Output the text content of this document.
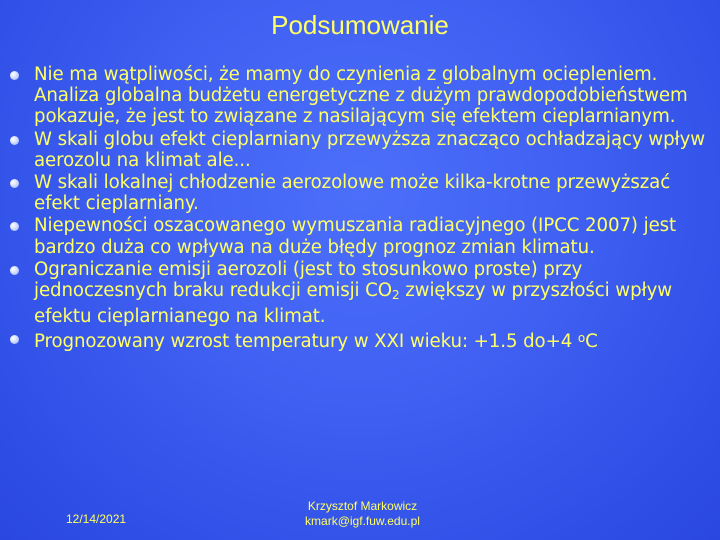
Podsumowanie
Nie ma wątpliwości, że mamy do czynienia z globalnym ociepleniem. Analiza globalna budżetu energetyczne z dużym prawdopodobieństwem pokazuje, że jest to związane z nasilającym się efektem cieplarnianym.
W skali globu efekt cieplarniany przewyższa znacząco ochładzający wpływ aerozolu na klimat ale...
W skali lokalnej chłodzenie aerozolowe może kilka-krotne przewyższać efekt cieplarniany.
Niepewności oszacowanego wymuszania radiacyjnego (IPCC 2007) jest bardzo duża co wpływa na duże błędy prognoz zmian klimatu.
Ograniczanie emisji aerozoli (jest to stosunkowo proste) przy jednoczesnych braku redukcji emisji $CO_2$ zwiększy w przyszłości wpływ efektu cieplarnianego na klimat.
Prognozowany wzrost temperatury w XXI wieku: +1.5 do+4 $^o$C
12/14/2021
Krzysztof Markowicz
kmark@igf.fuw.edu.pl
